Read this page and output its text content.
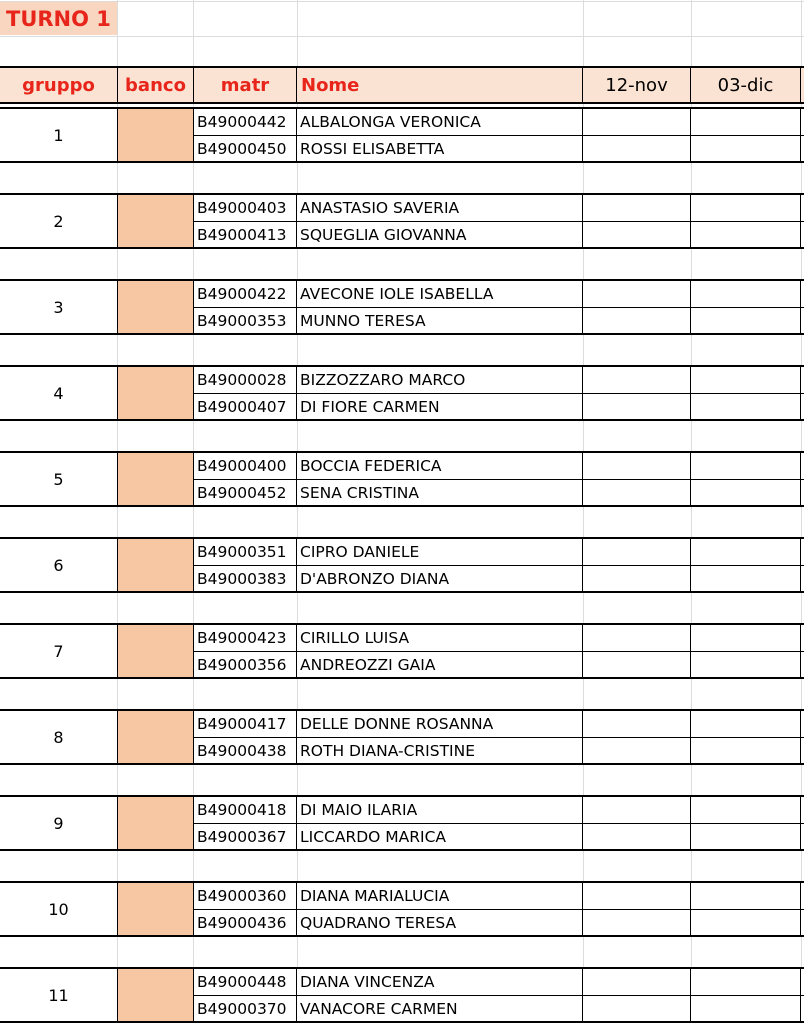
TURNO 1
gruppo	banco	matr	Nome	12-nov	03-dic
1
B49000442 ALBALONGA VERONICA
B49000450 ROSSI ELISABETTA
2
B49000403 ANASTASIO SAVERIA
B49000413 SQUEGLIA GIOVANNA
3
B49000422 AVECONE IOLE ISABELLA
B49000353 MUNNO TERESA
4
B49000028 BIZZOZZARO MARCO
B49000407 DI FIORE CARMEN
5
B49000400 BOCCIA FEDERICA
B49000452 SENA CRISTINA
6
B49000351 CIPRO DANIELE
B49000383 D'ABRONZO DIANA
7
B49000423 CIRILLO LUISA
B49000356 ANDREOZZI GAIA
8
B49000417 DELLE DONNE ROSANNA
B49000438 ROTH DIANA-CRISTINE
9
B49000418 DI MAIO ILARIA
B49000367 LICCARDO MARICA
10
B49000360 DIANA MARIALUCIA
B49000436 QUADRANO TERESA
11
B49000448 DIANA VINCENZA
B49000370 VANACORE CARMEN
